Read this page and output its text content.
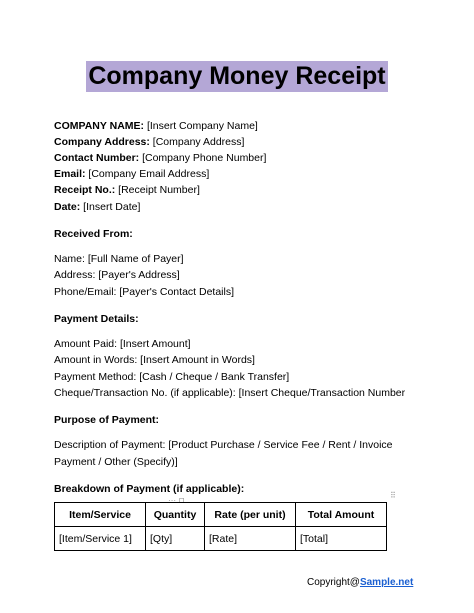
Company Money Receipt
COMPANY NAME: [Insert Company Name]
Company Address: [Company Address]
Contact Number: [Company Phone Number]
Email: [Company Email Address]
Receipt No.: [Receipt Number]
Date: [Insert Date]
Received From:
Name: [Full Name of Payer]
Address: [Payer's Address]
Phone/Email: [Payer's Contact Details]
Payment Details:
Amount Paid: [Insert Amount]
Amount in Words: [Insert Amount in Words]
Payment Method: [Cash / Cheque / Bank Transfer]
Cheque/Transaction No. (if applicable): [Insert Cheque/Transaction Number
Purpose of Payment:
Description of Payment: [Product Purchase / Service Fee / Rent / Invoice Payment / Other (Specify)]
Breakdown of Payment (if applicable):
⋯ ⊓
⠿
Item/Service	Quantity	Rate (per unit)	Total Amount
[Item/Service 1]	[Qty]	[Rate]	[Total]
Copyright@Sample.net
